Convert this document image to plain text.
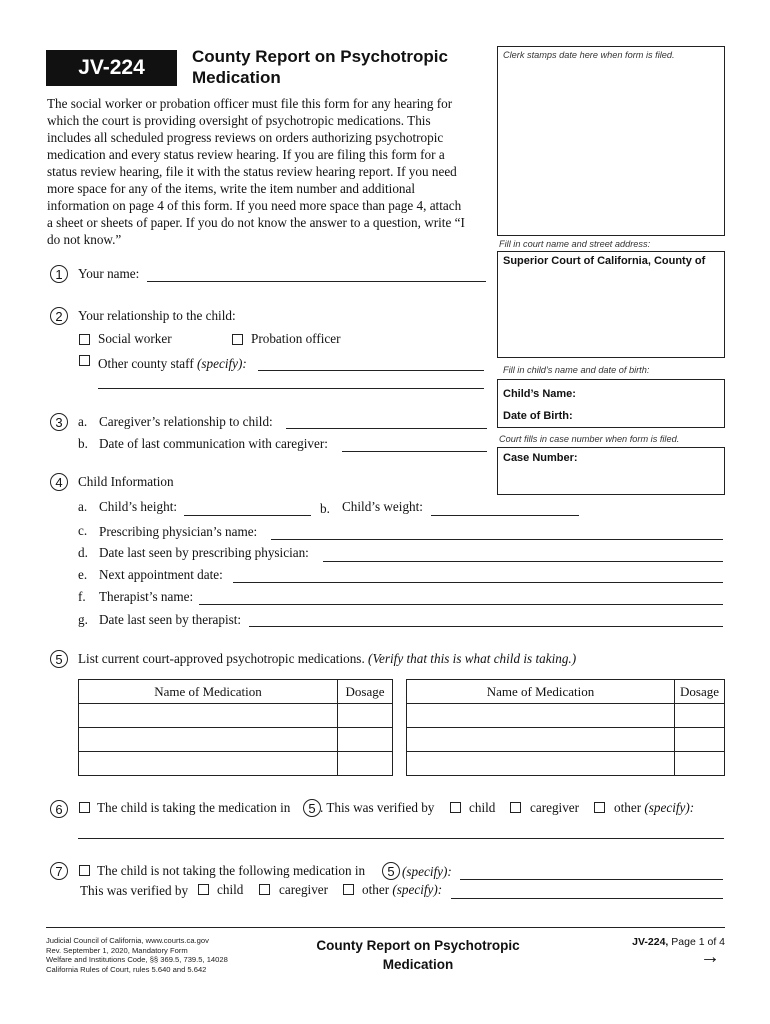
JV-224	County Report on Psychotropic
Medication
The social worker or probation officer must file this form for any hearing for
which the court is providing oversight of psychotropic medications. This
includes all scheduled progress reviews on orders authorizing psychotropic
medication and every status review hearing. If you are filing this form for a
status review hearing, file it with the status review hearing report. If you need
more space for any of the items, write the item number and additional
information on page 4 of this form. If you need more space than page 4, attach
a sheet or sheets of paper. If you do not know the answer to a question, write “I
do not know.”
Clerk stamps date here when form is filed.
Fill in court name and street address:
Superior Court of California, County of
Fill in child’s name and date of birth:
Child’s Name:
Date of Birth:
Court fills in case number when form is filed.
Case Number:
1	Your name:
2	Your relationship to the child:
Social worker	Probation officer
Other county staff (specify):
3	a. Caregiver’s relationship to child:
b. Date of last communication with caregiver:
4	Child Information
a. Child’s height:	b. Child’s weight:
c. Prescribing physician’s name:
d. Date last seen by prescribing physician:
e. Next appointment date:
f. Therapist’s name:
g. Date last seen by therapist:
5	List current court-approved psychotropic medications. (Verify that this is what child is taking.)
Name of Medication	Dosage

		Name of Medication	Dosage

6	The child is taking the medication in	5 . This was verified by	child	caregiver	other (specify):
7	The child is not taking the following medication in	5 (specify):
This was verified by child	caregiver	other (specify):
Judicial Council of California, www.courts.ca.gov
Rev. September 1, 2020, Mandatory Form
Welfare and Institutions Code, §§ 369.5, 739.5, 14028
California Rules of Court, rules 5.640 and 5.642
County Report on Psychotropic
Medication
JV-224, Page 1 of 4
→
